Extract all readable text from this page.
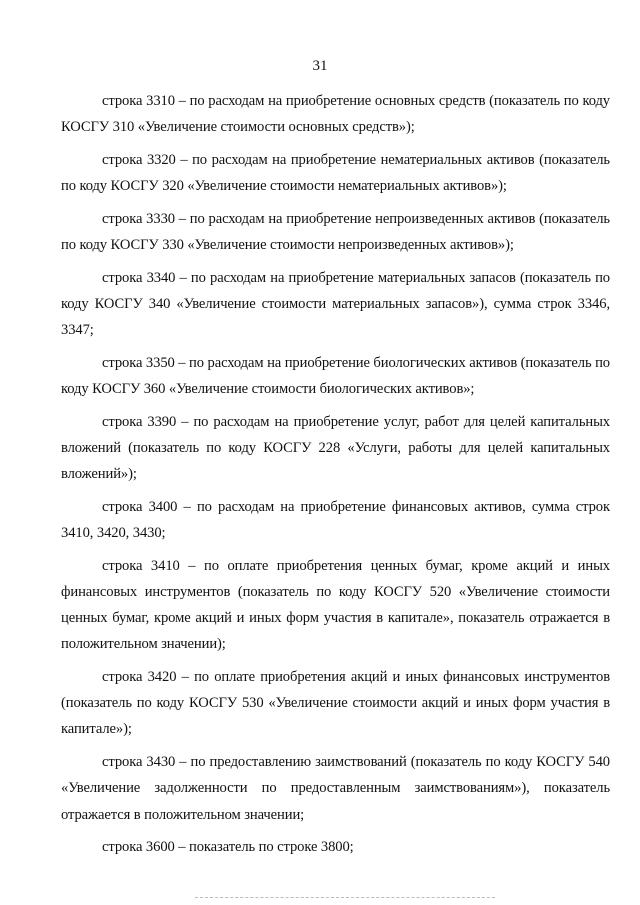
31

строка 3310 – по расходам на приобретение основных средств (показатель по коду КОСГУ 310 «Увеличение стоимости основных средств»);

строка 3320 – по расходам на приобретение нематериальных активов (показатель по коду КОСГУ 320 «Увеличение стоимости нематериальных активов»);

строка 3330 – по расходам на приобретение непроизведенных активов (показатель по коду КОСГУ 330 «Увеличение стоимости непроизведенных активов»);

строка 3340 – по расходам на приобретение материальных запасов (показатель по коду КОСГУ 340 «Увеличение стоимости материальных запасов»), сумма строк 3346, 3347;

строка 3350 – по расходам на приобретение биологических активов (показатель по коду КОСГУ 360 «Увеличение стоимости биологических активов»;

строка 3390 – по расходам на приобретение услуг, работ для целей капитальных вложений (показатель по коду КОСГУ 228 «Услуги, работы для целей капитальных вложений»);

строка 3400 – по расходам на приобретение финансовых активов, сумма строк 3410, 3420, 3430;

строка 3410 – по оплате приобретения ценных бумаг, кроме акций и иных финансовых инструментов (показатель по коду КОСГУ 520 «Увеличение стоимости ценных бумаг, кроме акций и иных форм участия в капитале», показатель отражается в положительном значении);

строка 3420 – по оплате приобретения акций и иных финансовых инструментов (показатель по коду КОСГУ 530 «Увеличение стоимости акций и иных форм участия в капитале»);

строка 3430 – по предоставлению заимствований (показатель по коду КОСГУ 540 «Увеличение задолженности по предоставленным заимствованиям»), показатель отражается в положительном значении;

строка 3600 – показатель по строке 3800;
